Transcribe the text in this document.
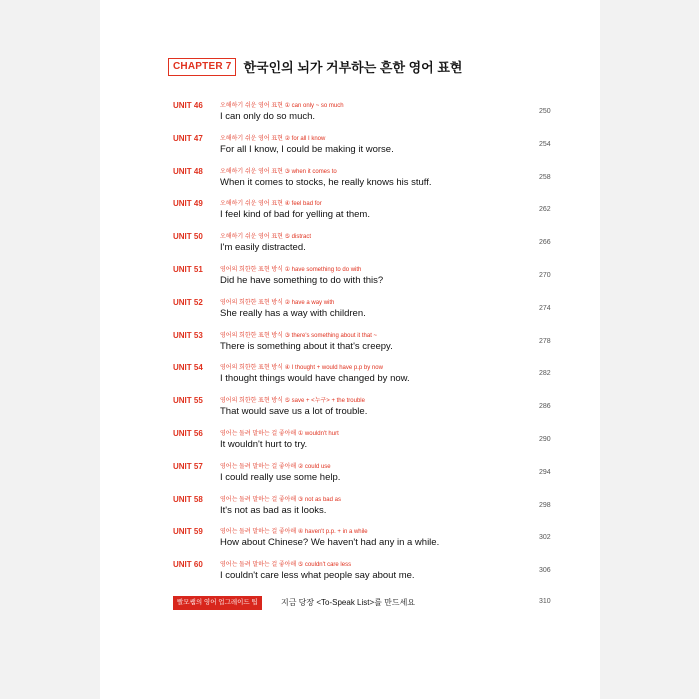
CHAPTER 7 한국인의 뇌가 거부하는 흔한 영어 표현
UNIT 46	오해하기 쉬운 영어 표현 ① can only ~ so much
I can only do so much.	250
UNIT 47	오해하기 쉬운 영어 표현 ② for all I know
For all I know, I could be making it worse.	254
UNIT 48	오해하기 쉬운 영어 표현 ③ when it comes to
When it comes to stocks, he really knows his stuff.	258
UNIT 49	오해하기 쉬운 영어 표현 ④ feel bad for
I feel kind of bad for yelling at them.	262
UNIT 50	오해하기 쉬운 영어 표현 ⑤ distract
I'm easily distracted.	266
UNIT 51	영어의 희한한 표현 방식 ① have something to do with
Did he have something to do with this?	270
UNIT 52	영어의 희한한 표현 방식 ② have a way with
She really has a way with children.	274
UNIT 53	영어의 희한한 표현 방식 ③ there's something about it that ~
There is something about it that's creepy.	278
UNIT 54	영어의 희한한 표현 방식 ④ I thought + would have p.p by now
I thought things would have changed by now.	282
UNIT 55	영어의 희한한 표현 방식 ⑤ save + <누구> + the trouble
That would save us a lot of trouble.	286
UNIT 56	영어는 돌려 말하는 걸 좋아해 ① wouldn't hurt
It wouldn't hurt to try.	290
UNIT 57	영어는 돌려 말하는 걸 좋아해 ② could use
I could really use some help.	294
UNIT 58	영어는 돌려 말하는 걸 좋아해 ③ not as bad as
It's not as bad as it looks.	298
UNIT 59	영어는 돌려 말하는 걸 좋아해 ④ haven't p.p. + in a while
How about Chinese? We haven't had any in a while.	302
UNIT 60	영어는 돌려 말하는 걸 좋아해 ⑤ couldn't care less
I couldn't care less what people say about me.	306
빨모쌤의 영어 업그레이드 팁	지금 당장 <To-Speak List>를 만드세요	310
